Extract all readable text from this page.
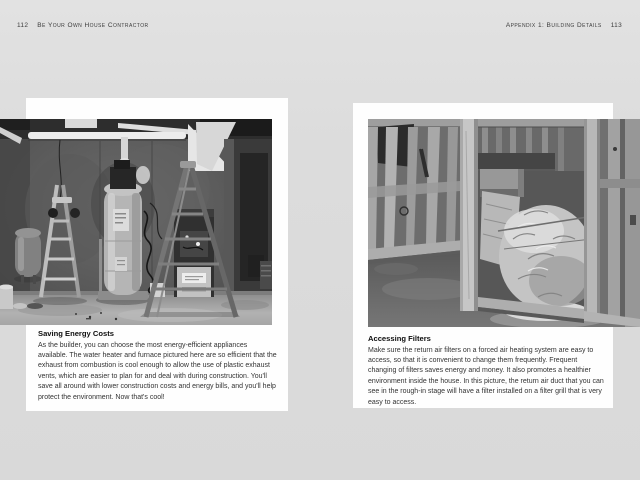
112 Be Your Own House Contractor	Appendix 1: Building Details 113
Saving Energy Costs

As the builder, you can choose the most energy-efficient appliances available. The water heater and furnace pictured here are so efficient that the exhaust from combustion is cool enough to allow the use of plastic exhaust vents, which are easier to plan for and deal with during construction. You'll save all around with lower construction costs and energy bills, and you'll help protect the environment. Now that's cool!

Accessing Filters

Make sure the return air filters on a forced air heating system are easy to access, so that it is convenient to change them frequently. Frequent changing of filters saves energy and money. It also promotes a healthier environment inside the house. In this picture, the return air duct that you can see in the rough-in stage will have a filter installed on a filter grill that is very easy to access.
